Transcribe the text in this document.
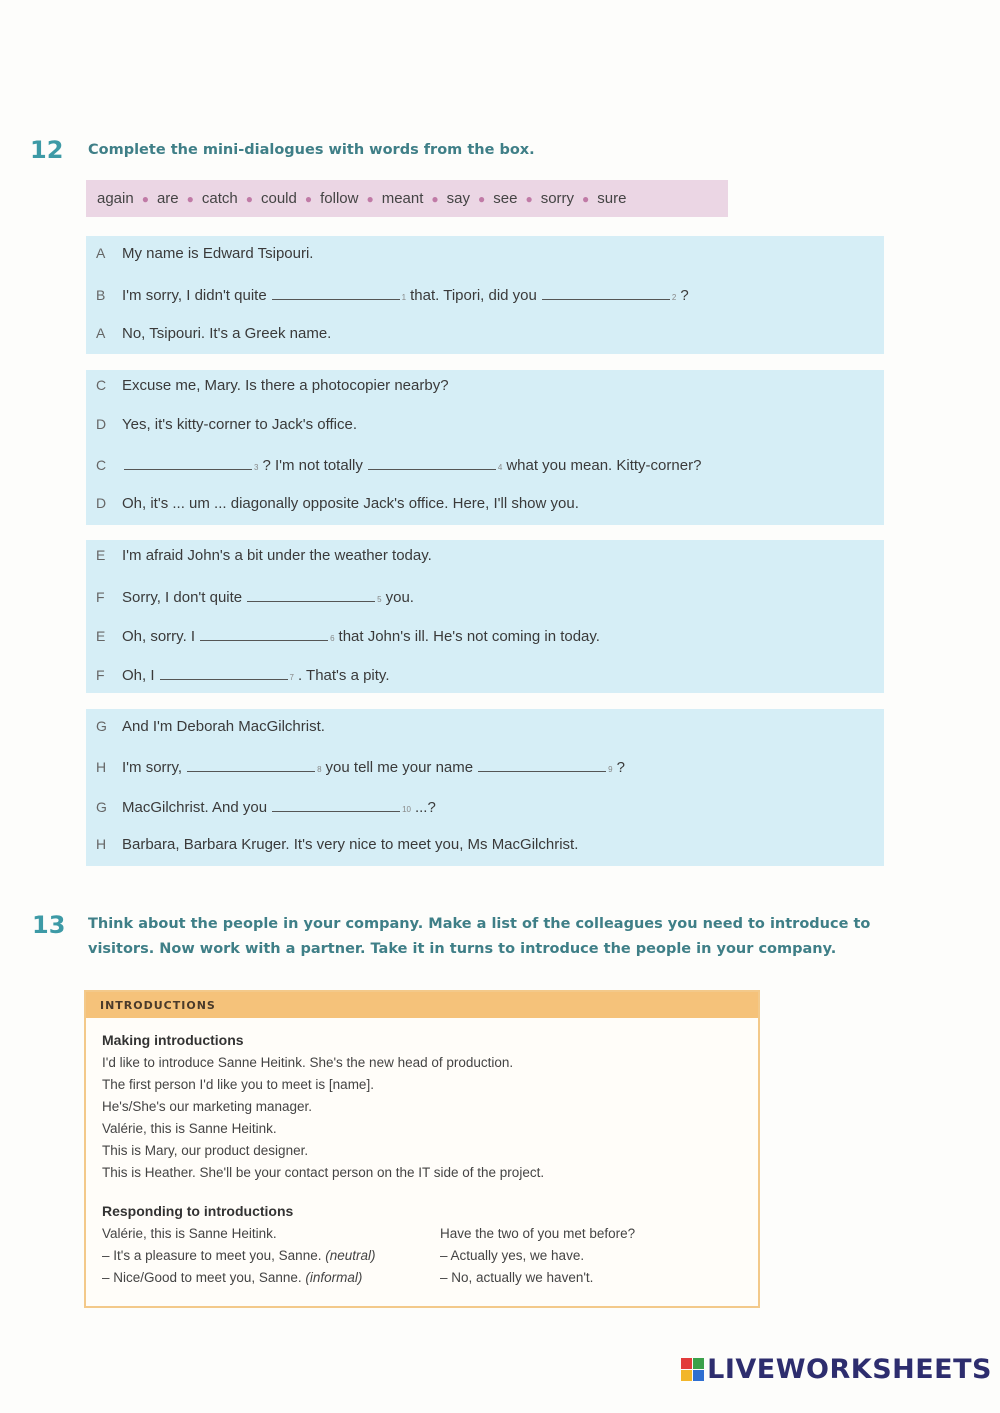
12 Complete the mini-dialogues with words from the box.
again ● are ● catch ● could ● follow ● meant ● say ● see ● sorry ● sure
A	My name is Edward Tsipouri.
B	I'm sorry, I didn't quite	1 that. Tipori, did you	2 ?
A	No, Tsipouri. It's a Greek name.
C	Excuse me, Mary. Is there a photocopier nearby?
D	Yes, it's kitty-corner to Jack's office.
C	3 ? I'm not totally	4 what you mean. Kitty-corner?
D	Oh, it's ... um ... diagonally opposite Jack's office. Here, I'll show you.
E	I'm afraid John's a bit under the weather today.
F	Sorry, I don't quite	5 you.
E	Oh, sorry. I	6 that John's ill. He's not coming in today.
F	Oh, I	7 . That's a pity.
G	And I'm Deborah MacGilchrist.
H	I'm sorry,	8 you tell me your name	9 ?
G	MacGilchrist. And you	10 ...?
H	Barbara, Barbara Kruger. It's very nice to meet you, Ms MacGilchrist.
13 Think about the people in your company. Make a list of the colleagues you need to introduce to visitors. Now work with a partner. Take it in turns to introduce the people in your company.
INTRODUCTIONS
Making introductions
I'd like to introduce Sanne Heitink. She's the new head of production.
The first person I'd like you to meet is [name].
He's/She's our marketing manager.
Valérie, this is Sanne Heitink.
This is Mary, our product designer.
This is Heather. She'll be your contact person on the IT side of the project.
Responding to introductions
Valérie, this is Sanne Heitink.
– It's a pleasure to meet you, Sanne. (neutral)
– Nice/Good to meet you, Sanne. (informal)
Have the two of you met before?
– Actually yes, we have.
– No, actually we haven't.
LIVEWORKSHEETS
